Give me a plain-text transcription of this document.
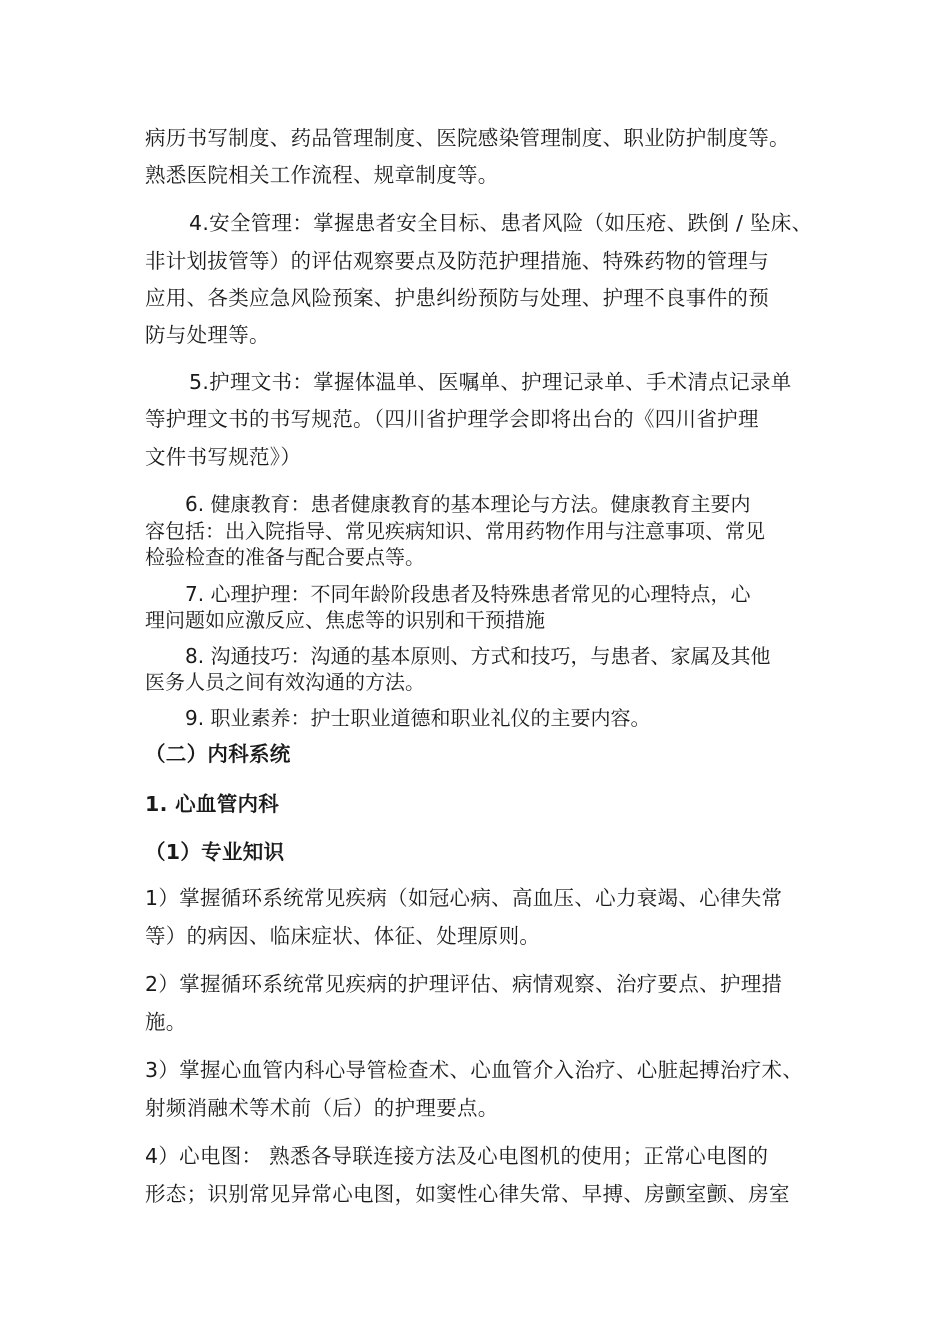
病历书写制度、药品管理制度、医院感染管理制度、职业防护制度等。
熟悉医院相关工作流程、规章制度等。
4.安全管理：掌握患者安全目标、患者风险（如压疮、跌倒 / 坠床、
非计划拔管等）的评估观察要点及防范护理措施、特殊药物的管理与
应用、各类应急风险预案、护患纠纷预防与处理、护理不良事件的预
防与处理等。
5.护理文书：掌握体温单、医嘱单、护理记录单、手术清点记录单
等护理文书的书写规范。（四川省护理学会即将出台的《四川省护理
文件书写规范》）
6. 健康教育：患者健康教育的基本理论与方法。健康教育主要内
容包括：出入院指导、常见疾病知识、常用药物作用与注意事项、常见
检验检查的准备与配合要点等。
7. 心理护理：不同年龄阶段患者及特殊患者常见的心理特点，心
理问题如应激反应、焦虑等的识别和干预措施
8. 沟通技巧：沟通的基本原则、方式和技巧，与患者、家属及其他
医务人员之间有效沟通的方法。
9. 职业素养：护士职业道德和职业礼仪的主要内容。
（二）内科系统
1. 心血管内科
（1）专业知识
1）掌握循环系统常见疾病（如冠心病、高血压、心力衰竭、心律失常
等）的病因、临床症状、体征、处理原则。
2）掌握循环系统常见疾病的护理评估、病情观察、治疗要点、护理措
施。
3）掌握心血管内科心导管检查术、心血管介入治疗、心脏起搏治疗术、
射频消融术等术前（后）的护理要点。
4）心电图： 熟悉各导联连接方法及心电图机的使用；正常心电图的
形态；识别常见异常心电图，如窦性心律失常、早搏、房颤室颤、房室
